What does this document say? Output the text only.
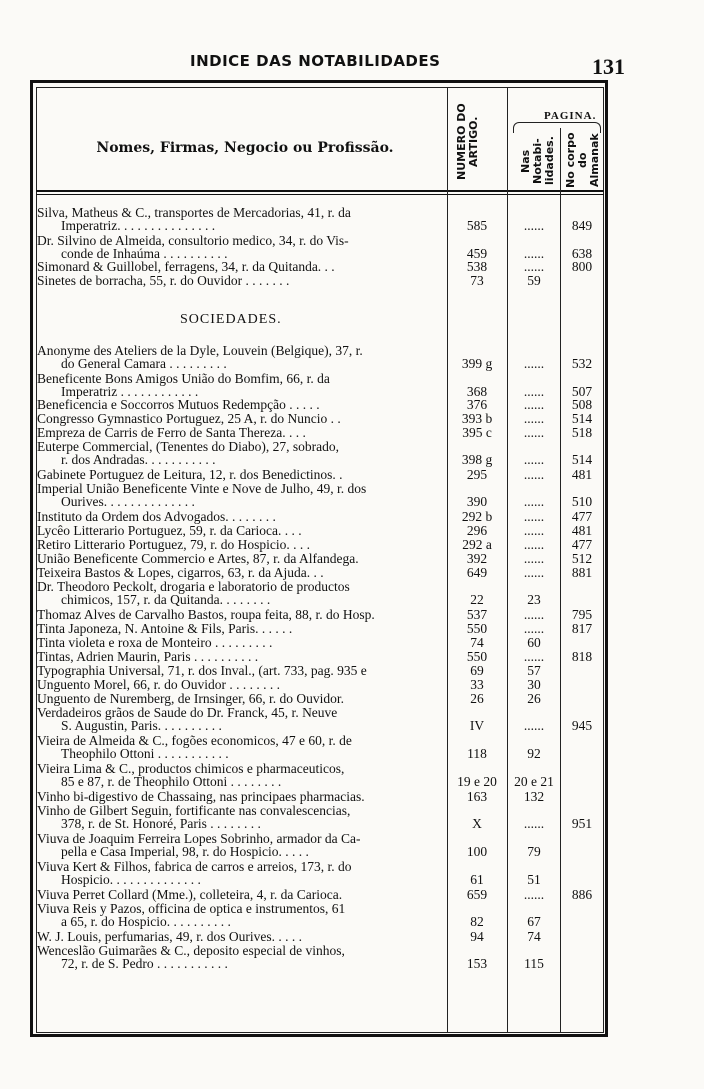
INDICE DAS NOTABILIDADES	131
Nomes, Firmas, Negocio ou Profissão.	NUMERO DO ARTIGO.
PAGINA.
Nas Notabi- lidades. No corpo do Almanak
SOCIEDADES.
Silva, Matheus & C., transportes de Mercadorias, 41, r. da
Imperatriz. . . . . . . . . . . . . . .	585	......	849
Dr. Silvino de Almeida, consultorio medico, 34, r. do Vis-
conde de Inhaúma . . . . . . . . . .	459	......	638
Simonard & Guillobel, ferragens, 34, r. da Quitanda. . .	538	......	800
Sinetes de borracha, 55, r. do Ouvidor . . . . . . .	73	59
Anonyme des Ateliers de la Dyle, Louvein (Belgique), 37, r.
do General Camara . . . . . . . . .	399 g	......	532
Beneficente Bons Amigos União do Bomfim, 66, r. da
Imperatriz . . . . . . . . . . . .	368	......	507
Beneficencia e Soccorros Mutuos Redempção . . . . .	376	......	508
Congresso Gymnastico Portuguez, 25 A, r. do Nuncio . .	393 b	......	514
Empreza de Carris de Ferro de Santa Thereza. . . .	395 c	......	518
Euterpe Commercial, (Tenentes do Diabo), 27, sobrado,
r. dos Andradas. . . . . . . . . . .	398 g	......	514
Gabinete Portuguez de Leitura, 12, r. dos Benedictinos. .	295	......	481
Imperial União Beneficente Vinte e Nove de Julho, 49, r. dos
Ourives. . . . . . . . . . . . . .	390	......	510
Instituto da Ordem dos Advogados. . . . . . . .	292 b	......	477
Lycêo Litterario Portuguez, 59, r. da Carioca. . . .	296	......	481
Retiro Litterario Portuguez, 79, r. do Hospicio. . . .	292 a	......	477
União Beneficente Commercio e Artes, 87, r. da Alfandega.	392	......	512
Teixeira Bastos & Lopes, cigarros, 63, r. da Ajuda. . .	649	......	881
Dr. Theodoro Peckolt, drogaria e laboratorio de productos
chimicos, 157, r. da Quitanda. . . . . . . .	22	23
Thomaz Alves de Carvalho Bastos, roupa feita, 88, r. do Hosp.	537	......	795
Tinta Japoneza, N. Antoine & Fils, Paris. . . . . .	550	......	817
Tinta violeta e roxa de Monteiro . . . . . . . . .	74	60
Tintas, Adrien Maurin, Paris . . . . . . . . . .	550	......	818
Typographia Universal, 71, r. dos Inval., (art. 733, pag. 935 e	69	57
Unguento Morel, 66, r. do Ouvidor . . . . . . . .	33	30
Unguento de Nuremberg, de Irnsinger, 66, r. do Ouvidor.	26	26
Verdadeiros grãos de Saude do Dr. Franck, 45, r. Neuve
S. Augustin, Paris. . . . . . . . . .	IV	......	945
Vieira de Almeida & C., fogões economicos, 47 e 60, r. de
Theophilo Ottoni . . . . . . . . . . .	118	92
Vieira Lima & C., productos chimicos e pharmaceuticos,
85 e 87, r. de Theophilo Ottoni . . . . . . . .	19 e 20	20 e 21
Vinho bi-digestivo de Chassaing, nas principaes pharmacias.	163	132
Vinho de Gilbert Seguin, fortificante nas convalescencias,
378, r. de St. Honoré, Paris . . . . . . . .	X	......	951
Viuva de Joaquim Ferreira Lopes Sobrinho, armador da Ca-
pella e Casa Imperial, 98, r. do Hospicio. . . . .	100	79
Viuva Kert & Filhos, fabrica de carros e arreios, 173, r. do
Hospicio. . . . . . . . . . . . . .	61	51
Viuva Perret Collard (Mme.), colleteira, 4, r. da Carioca.	659	......	886
Viuva Reis y Pazos, officina de optica e instrumentos, 61
a 65, r. do Hospicio. . . . . . . . . .	82	67
W. J. Louis, perfumarias, 49, r. dos Ourives. . . . .	94	74
Wenceslão Guimarães & C., deposito especial de vinhos,
72, r. de S. Pedro . . . . . . . . . . .	153	115
